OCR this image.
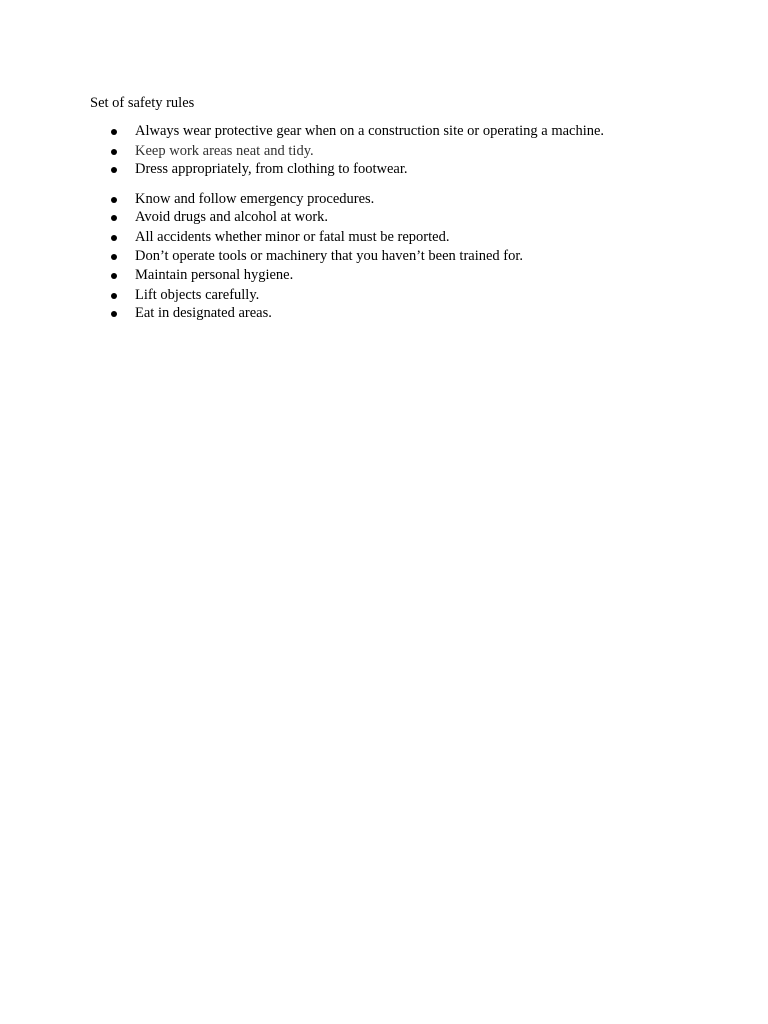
Set of safety rules
Always wear protective gear when on a construction site or operating a machine.
Keep work areas neat and tidy.
Dress appropriately, from clothing to footwear.
Know and follow emergency procedures.
Avoid drugs and alcohol at work.
All accidents whether minor or fatal must be reported.
Don’t operate tools or machinery that you haven’t been trained for.
Maintain personal hygiene.
Lift objects carefully.
Eat in designated areas.
